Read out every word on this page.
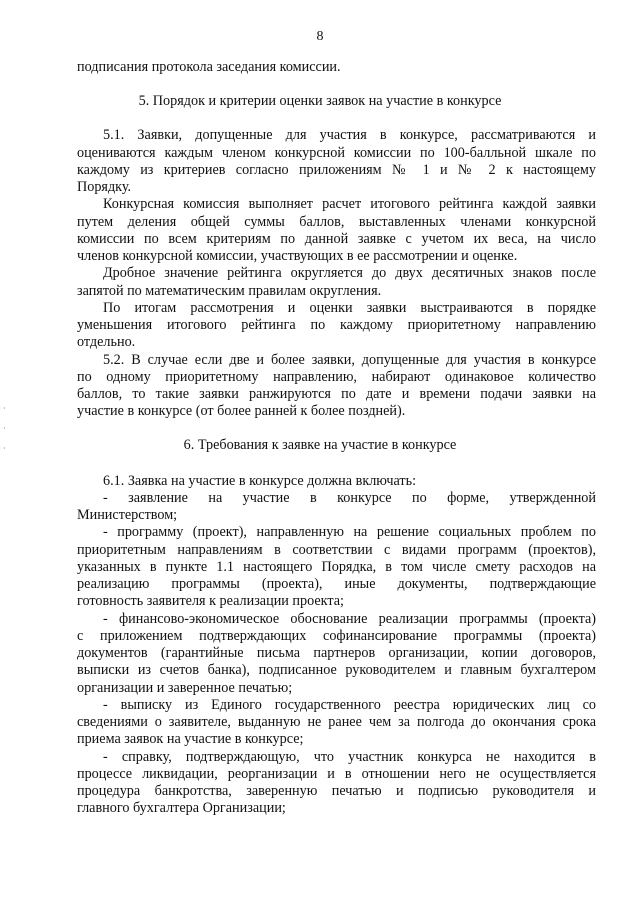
8
подписания протокола заседания комиссии.
5. Порядок и критерии оценки заявок на участие в конкурсе
5.1. Заявки, допущенные для участия в конкурсе, рассматриваются и
оцениваются каждым членом конкурсной комиссии по 100-балльной шкале по
каждому из критериев согласно приложениям № 1 и № 2 к настоящему
Порядку.
Конкурсная комиссия выполняет расчет итогового рейтинга каждой заявки
путем деления общей суммы баллов, выставленных членами конкурсной
комиссии по всем критериям по данной заявке с учетом их веса, на число
членов конкурсной комиссии, участвующих в ее рассмотрении и оценке.
Дробное значение рейтинга округляется до двух десятичных знаков после
запятой по математическим правилам округления.
По итогам рассмотрения и оценки заявки выстраиваются в порядке
уменьшения итогового рейтинга по каждому приоритетному направлению
отдельно.
5.2. В случае если две и более заявки, допущенные для участия в конкурсе
по одному приоритетному направлению, набирают одинаковое количество
баллов, то такие заявки ранжируются по дате и времени подачи заявки на
участие в конкурсе (от более ранней к более поздней).
6. Требования к заявке на участие в конкурсе
6.1. Заявка на участие в конкурсе должна включать:
- заявление на участие в конкурсе по форме, утвержденной
Министерством;
- программу (проект), направленную на решение социальных проблем по
приоритетным направлениям в соответствии с видами программ (проектов),
указанных в пункте 1.1 настоящего Порядка, в том числе смету расходов на
реализацию программы (проекта), иные документы, подтверждающие
готовность заявителя к реализации проекта;
- финансово-экономическое обоснование реализации программы (проекта)
с приложением подтверждающих софинансирование программы (проекта)
документов (гарантийные письма партнеров организации, копии договоров,
выписки из счетов банка), подписанное руководителем и главным бухгалтером
организации и заверенное печатью;
- выписку из Единого государственного реестра юридических лиц со
сведениями о заявителе, выданную не ранее чем за полгода до окончания срока
приема заявок на участие в конкурсе;
- справку, подтверждающую, что участник конкурса не находится в
процессе ликвидации, реорганизации и в отношении него не осуществляется
процедура банкротства, заверенную печатью и подписью руководителя и
главного бухгалтера Организации;
·
·
·
